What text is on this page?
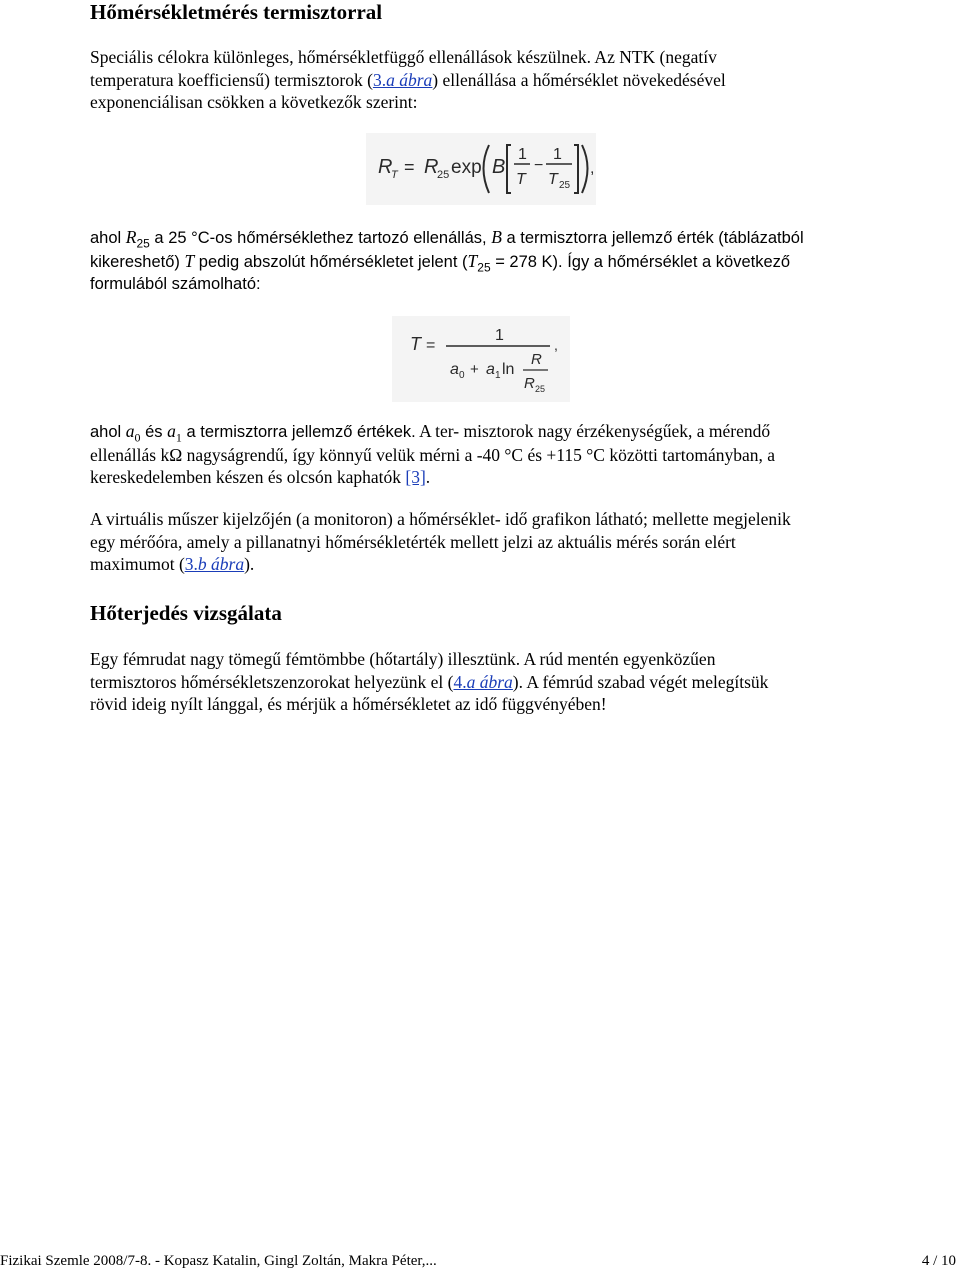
Hőmérsékletmérés termisztorral

Speciális célokra különleges, hőmérsékletfüggő ellenállások készülnek. Az NTK (negatív
temperatura koefficiensű) termisztorok (3.a ábra) ellenállása a hőmérséklet növekedésével
exponenciálisan csökken a következők szerint:

R
T = R
25 exp B
1
T
−
1
T 25
,

ahol $R_{25}$ a 25 °C-os hőmérséklethez tartozó ellenállás, B a termisztorra jellemző érték (táblázatból
kikereshető) T pedig abszolút hőmérsékletet jelent ($T_{25} = 278$ K). Így a hőmérséklet a következő
formulából számolható:

T =
1
a 0 + a 1 ln
R
R 25
,

ahol $a_0$ és $a_1$ a termisztorra jellemző értékek. A ter- misztorok nagy érzékenységűek, a mérendő
ellenállás kΩ nagyságrendű, így könnyű velük mérni a -40 °C és +115 °C közötti tartományban, a
kereskedelemben készen és olcsón kaphatók [3].

A virtuális műszer kijelzőjén (a monitoron) a hőmérséklet- idő grafikon látható; mellette megjelenik
egy mérőóra, amely a pillanatnyi hőmérsékletérték mellett jelzi az aktuális mérés során elért
maximumot (3.b ábra).

Hőterjedés vizsgálata

Egy fémrudat nagy tömegű fémtömbbe (hőtartály) illesztünk. A rúd mentén egyenközűen
termisztoros hőmérsékletszenzorokat helyezünk el (4.a ábra). A fémrúd szabad végét melegítsük
rövid ideig nyílt lánggal, és mérjük a hőmérsékletet az idő függvényében!

Fizikai Szemle 2008/7-8. - Kopasz Katalin, Gingl Zoltán, Makra Péter,...	4 / 10
